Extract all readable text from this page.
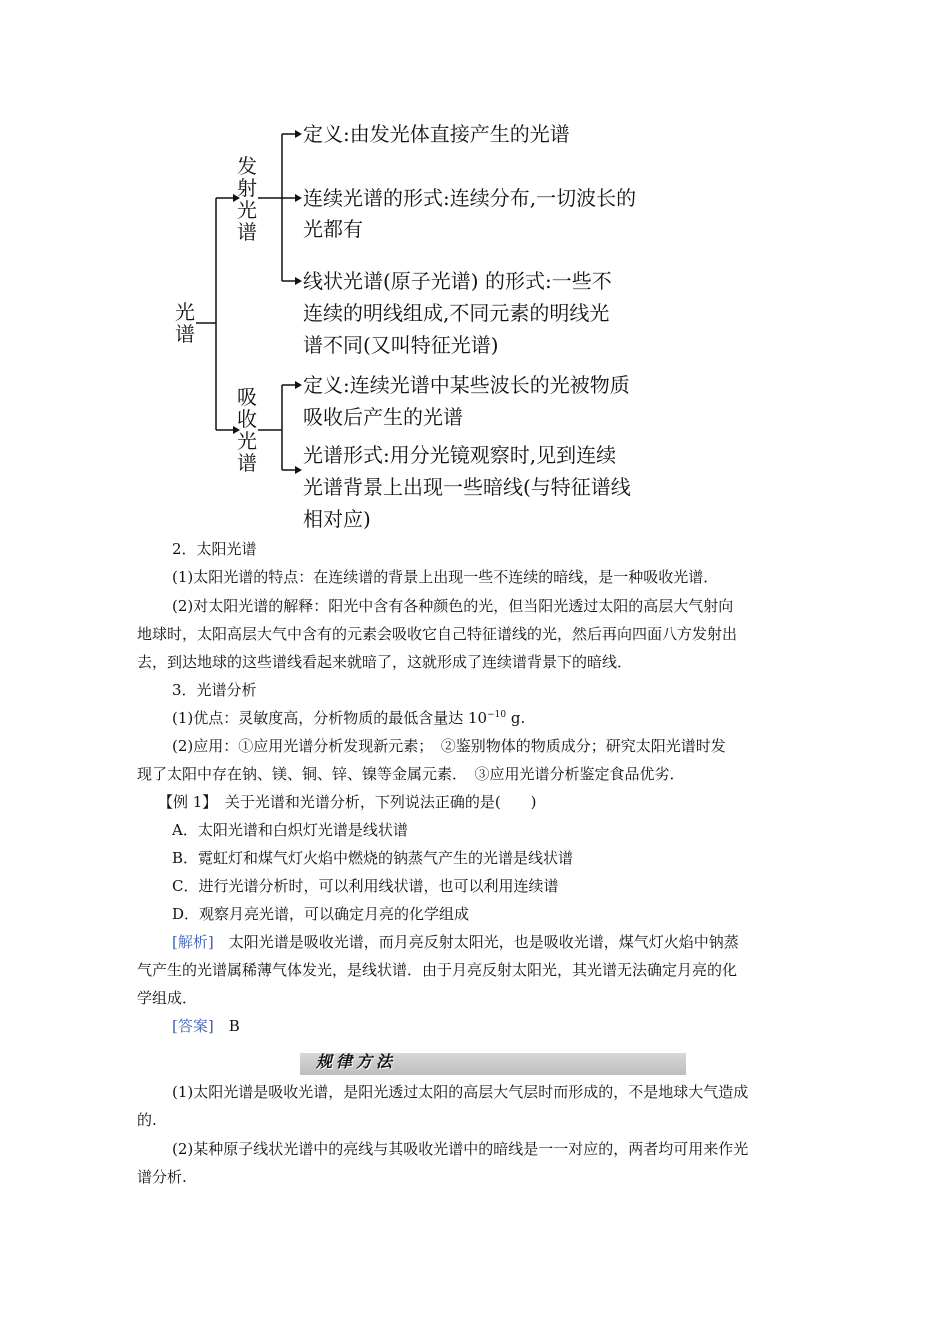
光谱
发射光谱
定义:由发光体直接产生的光谱
连续光谱的形式:连续分布,一切波长的
光都有
线状光谱(原子光谱) 的形式:一些不
连续的明线组成,不同元素的明线光
谱不同(又叫特征光谱)
吸收光谱
定义:连续光谱中某些波长的光被物质
吸收后产生的光谱
光谱形式:用分光镜观察时,见到连续
光谱背景上出现一些暗线(与特征谱线
相对应)
2．太阳光谱
(1)太阳光谱的特点：在连续谱的背景上出现一些不连续的暗线，是一种吸收光谱．
(2)对太阳光谱的解释：阳光中含有各种颜色的光，但当阳光透过太阳的高层大气射向
地球时，太阳高层大气中含有的元素会吸收它自己特征谱线的光，然后再向四面八方发射出
去，到达地球的这些谱线看起来就暗了，这就形成了连续谱背景下的暗线．
3．光谱分析
(1)优点：灵敏度高，分析物质的最低含量达 $10^{-10}$ g.
(2)应用：①应用光谱分析发现新元素；　②鉴别物体的物质成分；研究太阳光谱时发
现了太阳中存在钠、镁、铜、锌、镍等金属元素．　③应用光谱分析鉴定食品优劣．
【例 1】　关于光谱和光谱分析，下列说法正确的是(　　)
A．太阳光谱和白炽灯光谱是线状谱
B．霓虹灯和煤气灯火焰中燃烧的钠蒸气产生的光谱是线状谱
C．进行光谱分析时，可以利用线状谱，也可以利用连续谱
D．观察月亮光谱，可以确定月亮的化学组成
[解析]　太阳光谱是吸收光谱，而月亮反射太阳光，也是吸收光谱，煤气灯火焰中钠蒸
气产生的光谱属稀薄气体发光，是线状谱．由于月亮反射太阳光，其光谱无法确定月亮的化
学组成．
[答案]　B
规律方法
(1)太阳光谱是吸收光谱，是阳光透过太阳的高层大气层时而形成的，不是地球大气造成
的.
(2)某种原子线状光谱中的亮线与其吸收光谱中的暗线是一一对应的，两者均可用来作光
谱分析.
